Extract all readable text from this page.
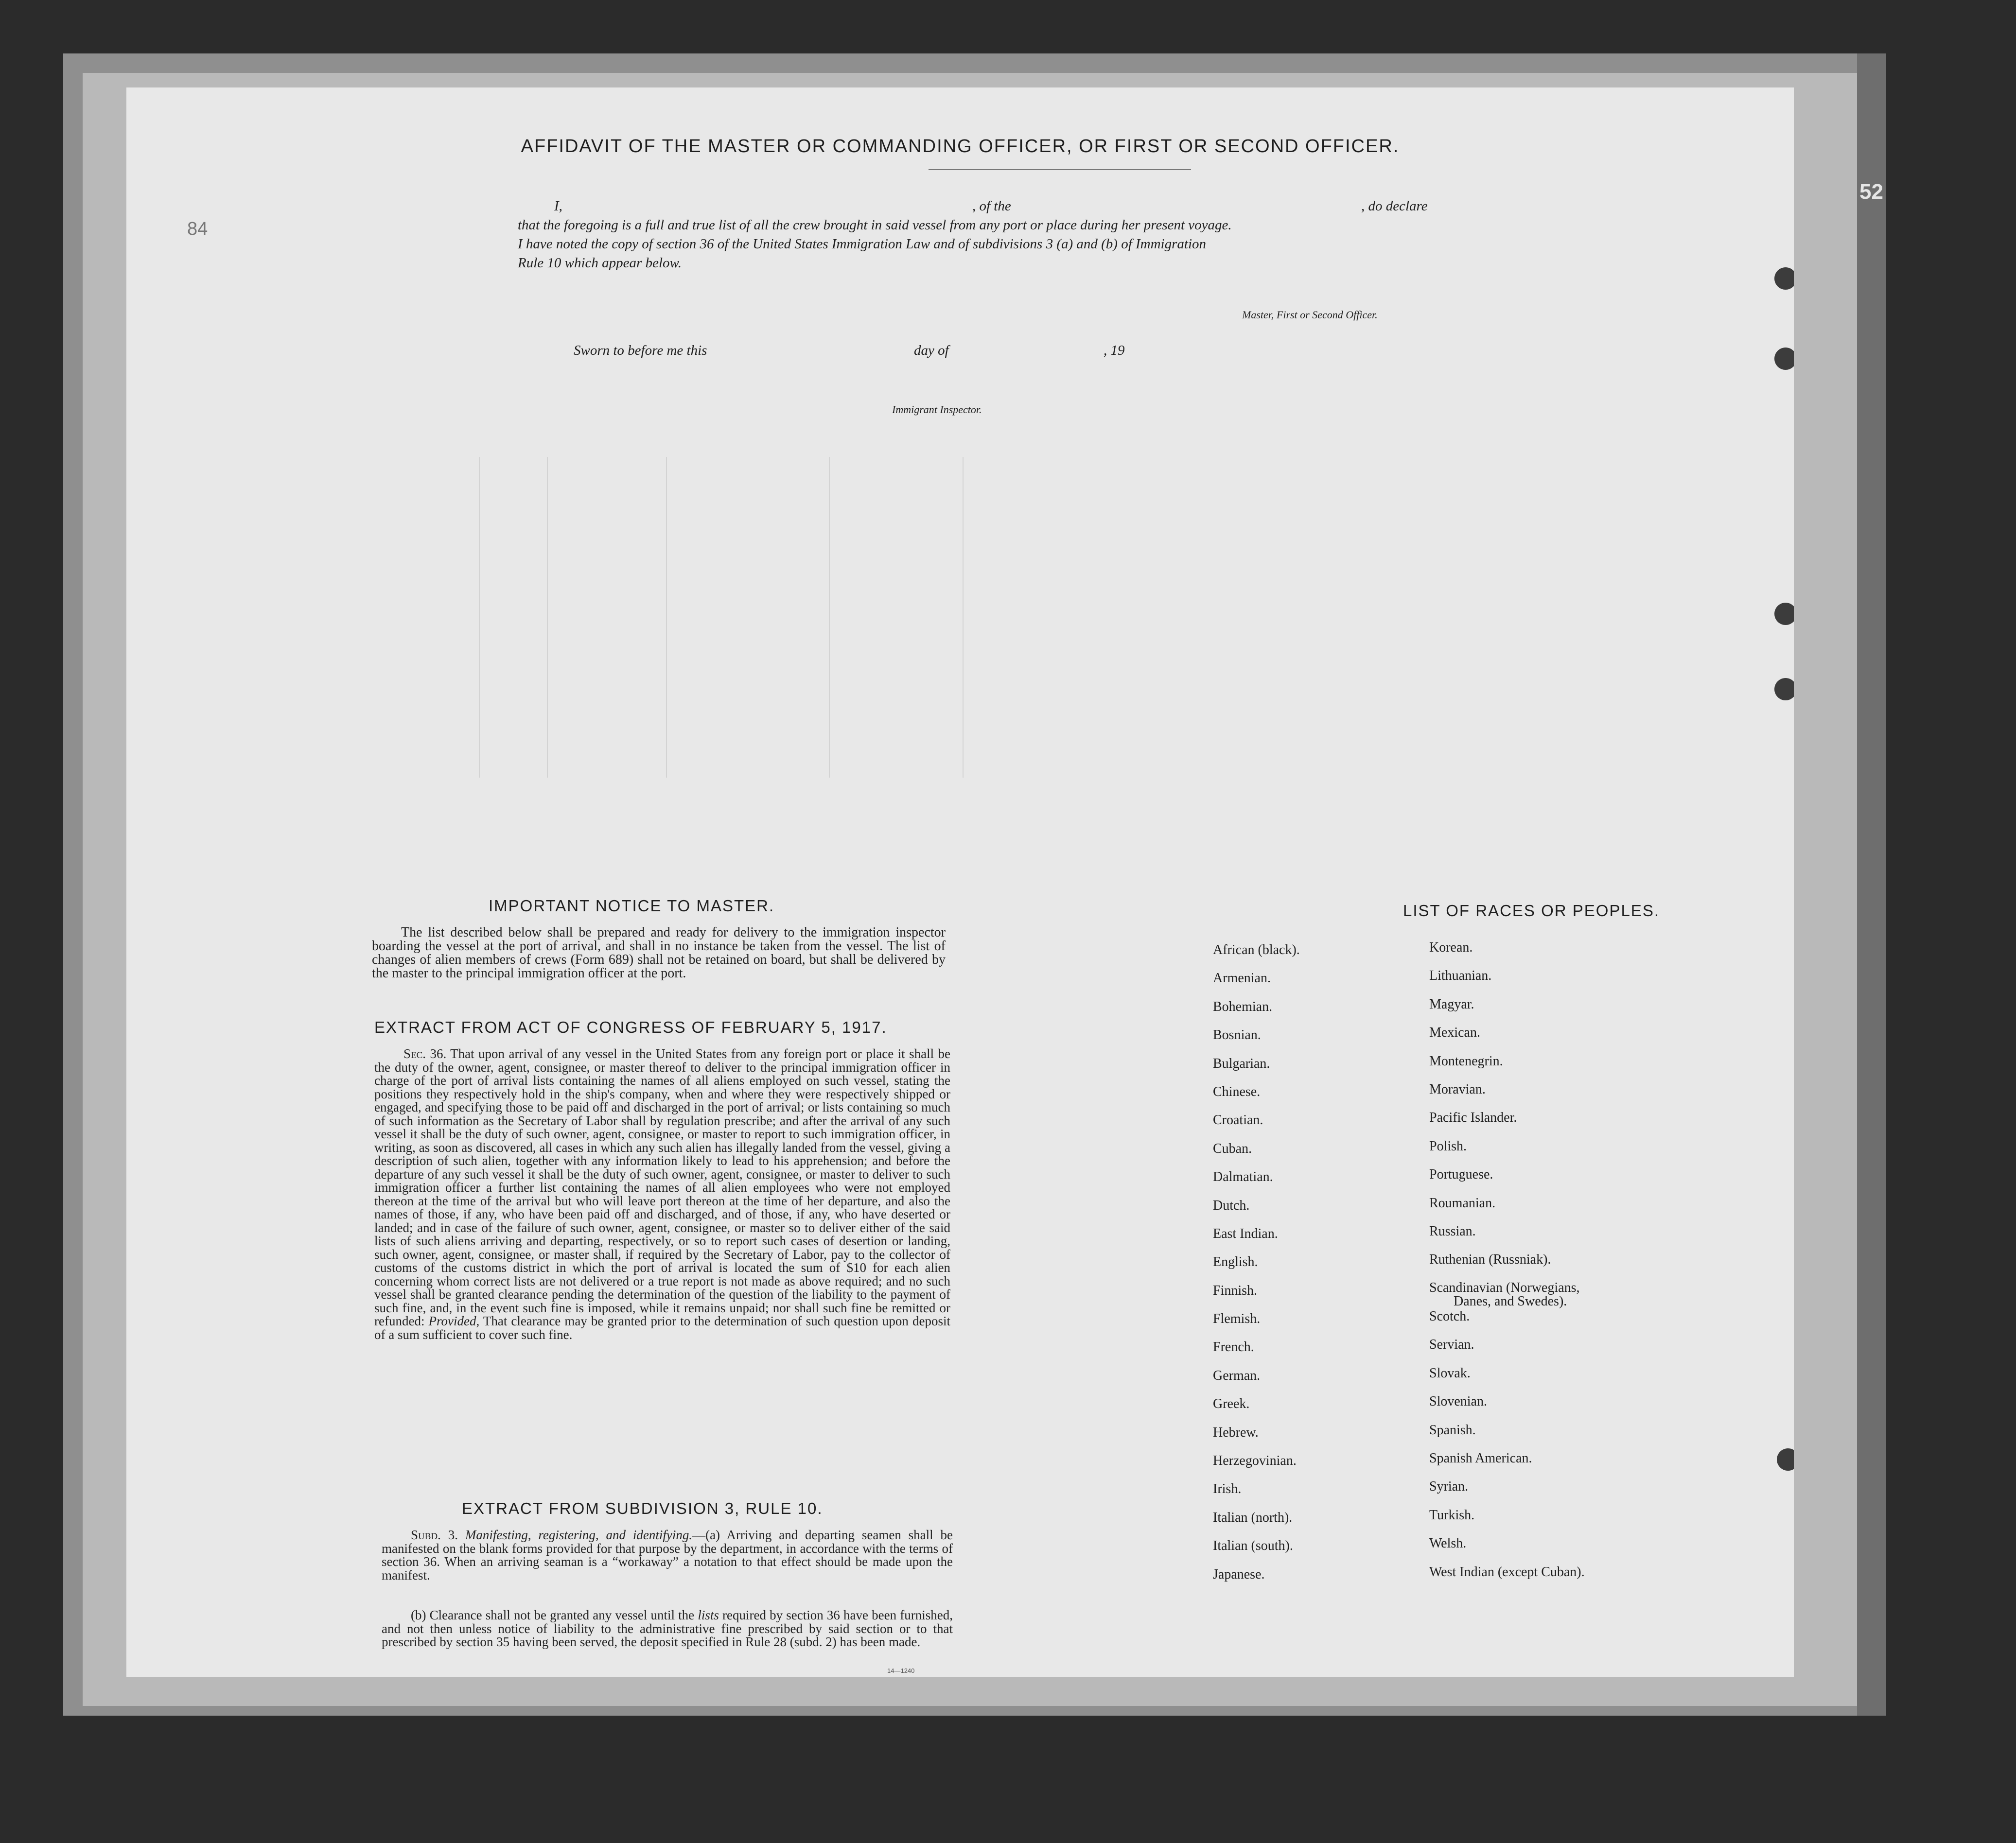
52
84
AFFIDAVIT OF THE MASTER OR COMMANDING OFFICER, OR FIRST OR SECOND OFFICER.
I,	, of the	, do declare
that the foregoing is a full and true list of all the crew brought in said vessel from any port or place during her present voyage.
I have noted the copy of section 36 of the United States Immigration Law and of subdivisions 3 (a) and (b) of Immigration
Rule 10 which appear below.
Master, First or Second Officer.
Sworn to before me this	day of	, 19
Immigrant Inspector.
IMPORTANT NOTICE TO MASTER.
The list described below shall be prepared and ready for delivery to the immigration inspector boarding the vessel at the port of arrival, and shall in no instance be taken from the vessel. The list of changes of alien members of crews (Form 689) shall not be retained on board, but shall be delivered by the master to the principal immigration officer at the port.
EXTRACT FROM ACT OF CONGRESS OF FEBRUARY 5, 1917.
Sec. 36. That upon arrival of any vessel in the United States from any foreign port or place it shall be the duty of the owner, agent, consignee, or master thereof to deliver to the principal immigration officer in charge of the port of arrival lists containing the names of all aliens employed on such vessel, stating the positions they respectively hold in the ship's company, when and where they were respectively shipped or engaged, and specifying those to be paid off and discharged in the port of arrival; or lists containing so much of such information as the Secretary of Labor shall by regulation prescribe; and after the arrival of any such vessel it shall be the duty of such owner, agent, consignee, or master to report to such immigration officer, in writing, as soon as discovered, all cases in which any such alien has illegally landed from the vessel, giving a description of such alien, together with any information likely to lead to his apprehension; and before the departure of any such vessel it shall be the duty of such owner, agent, consignee, or master to deliver to such immigration officer a further list containing the names of all alien employees who were not employed thereon at the time of the arrival but who will leave port thereon at the time of her departure, and also the names of those, if any, who have been paid off and discharged, and of those, if any, who have deserted or landed; and in case of the failure of such owner, agent, consignee, or master so to deliver either of the said lists of such aliens arriving and departing, respectively, or so to report such cases of desertion or landing, such owner, agent, consignee, or master shall, if required by the Secretary of Labor, pay to the collector of customs of the customs district in which the port of arrival is located the sum of $10 for each alien concerning whom correct lists are not delivered or a true report is not made as above required; and no such vessel shall be granted clearance pending the determination of the question of the liability to the payment of such fine, and, in the event such fine is imposed, while it remains unpaid; nor shall such fine be remitted or refunded: Provided, That clearance may be granted prior to the determination of such question upon deposit of a sum sufficient to cover such fine.
EXTRACT FROM SUBDIVISION 3, RULE 10.
Subd. 3. Manifesting, registering, and identifying.—(a) Arriving and departing seamen shall be manifested on the blank forms provided for that purpose by the department, in accordance with the terms of section 36. When an arriving seaman is a “workaway” a notation to that effect should be made upon the manifest.
(b) Clearance shall not be granted any vessel until the lists required by section 36 have been furnished, and not then unless notice of liability to the administrative fine prescribed by said section or to that prescribed by section 35 having been served, the deposit specified in Rule 28 (subd. 2) has been made.
14—1240
LIST OF RACES OR PEOPLES.
African (black).
Armenian.
Bohemian.
Bosnian.
Bulgarian.
Chinese.
Croatian.
Cuban.
Dalmatian.
Dutch.
East Indian.
English.
Finnish.
Flemish.
French.
German.
Greek.
Hebrew.
Herzegovinian.
Irish.
Italian (north).
Italian (south).
Japanese.
Korean.
Lithuanian.
Magyar.
Mexican.
Montenegrin.
Moravian.
Pacific Islander.
Polish.
Portuguese.
Roumanian.
Russian.
Ruthenian (Russniak).
Scandinavian (Norwegians,
Danes, and Swedes).
Scotch.
Servian.
Slovak.
Slovenian.
Spanish.
Spanish American.
Syrian.
Turkish.
Welsh.
West Indian (except Cuban).
